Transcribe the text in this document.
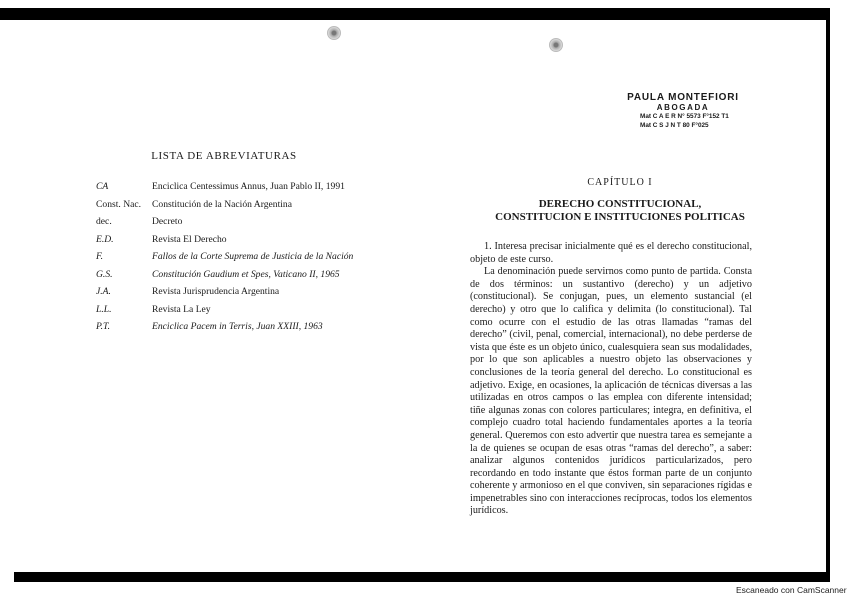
LISTA DE ABREVIATURAS
CA	Enciclica Centessimus Annus, Juan Pablo II, 1991
Const. Nac.	Constitución de la Nación Argentina
dec.	Decreto
E.D.	Revista El Derecho
F.	Fallos de la Corte Suprema de Justicia de la Nación
G.S.	Constitución Gaudium et Spes, Vaticano II, 1965
J.A.	Revista Jurisprudencia Argentina
L.L.	Revista La Ley
P.T.	Enciclica Pacem in Terris, Juan XXIII, 1963
PAULA MONTEFIORI
ABOGADA
Mat C A E R N° 5573 F°152 T1
Mat C S J N T 80 F°025
CAPÍTULO I
DERECHO CONSTITUCIONAL,
CONSTITUCION E INSTITUCIONES POLITICAS

1. Interesa precisar inicialmente qué es el derecho constitucional, objeto de este curso.

La denominación puede servirnos como punto de partida. Consta de dos términos: un sustantivo (derecho) y un adjetivo (constitucional). Se conjugan, pues, un elemento sustancial (el derecho) y otro que lo califica y delimita (lo constitucional). Tal como ocurre con el estudio de las otras llamadas “ramas del derecho” (civil, penal, comercial, internacional), no debe perderse de vista que éste es un objeto único, cualesquiera sean sus modalidades, por lo que son aplicables a nuestro objeto las observaciones y conclusiones de la teoría general del derecho. Lo constitucional es adjetivo. Exige, en ocasiones, la aplicación de técnicas diversas a las utilizadas en otros campos o las emplea con diferente intensidad; tiñe algunas zonas con colores particulares; integra, en definitiva, el complejo cuadro total haciendo fundamentales aportes a la teoría general. Queremos con esto advertir que nuestra tarea es semejante a la de quienes se ocupan de esas otras “ramas del derecho”, a saber: analizar algunos contenidos jurídicos particularizados, pero recordando en todo instante que éstos forman parte de un conjunto coherente y armonioso en el que conviven, sin separaciones rígidas e impenetrables sino con interacciones recíprocas, todos los elementos jurídicos.

Escaneado con CamScanner
